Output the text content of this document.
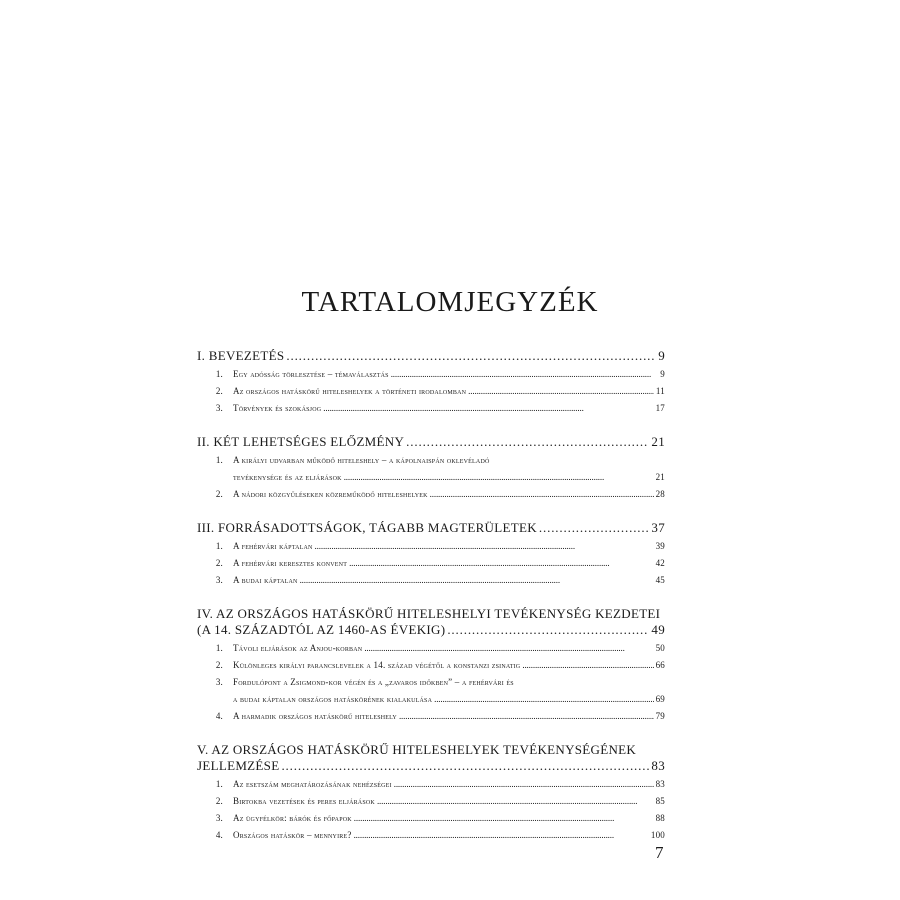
TARTALOMJEGYZÉK
I. BEVEZETÉS . . .	9
1.	Egy adósság törlesztése – témaválasztás . . .	9
2.	Az országos hatáskörű hiteleshelyek a történeti irodalomban . . .	11
3.	Törvények és szokásjog . . .	17
II. KÉT LEHETSÉGES ELŐZMÉNY . . .	21
1.	A királyi udvarban működő hiteleshely – a kápolnaispán oklevéladó
tevékenysége és az eljárások . . .	21
2.	A nádori közgyűléseken közreműködő hiteleshelyek . . .	28
III. FORRÁSADOTTSÁGOK, TÁGABB MAGTERÜLETEK . . .	37
1.	A fehérvári káptalan . . .	39
2.	A fehérvári keresztes konvent . . .	42
3.	A budai káptalan . . .	45
IV. AZ ORSZÁGOS HATÁSKÖRŰ HITELESHELYI TEVÉKENYSÉG KEZDETEI
(A 14. SZÁZADTÓL AZ 1460-AS ÉVEKIG) . . .	49
1.	Távoli eljárások az Anjou-korban . . .	50
2.	Különleges királyi parancslevelek a 14. század végétől a konstanzi zsinatig . . .	66
3.	Fordulópont a Zsigmond-kor végén és a „zavaros időkben” – a fehérvári és
a budai káptalan országos hatáskörének kialakulása . . .	69
4.	A harmadik országos hatáskörű hiteleshely . . .	79
V. AZ ORSZÁGOS HATÁSKÖRŰ HITELESHELYEK TEVÉKENYSÉGÉNEK
JELLEMZÉSE . . .	83
1.	Az esetszám meghatározásának nehézségei . . .	83
2.	Birtokba vezetések és peres eljárások . . .	85
3.	Az ügyfélkör: bárók és főpapok . . .	88
4.	Országos hatáskör – mennyire? . . .	100
7
